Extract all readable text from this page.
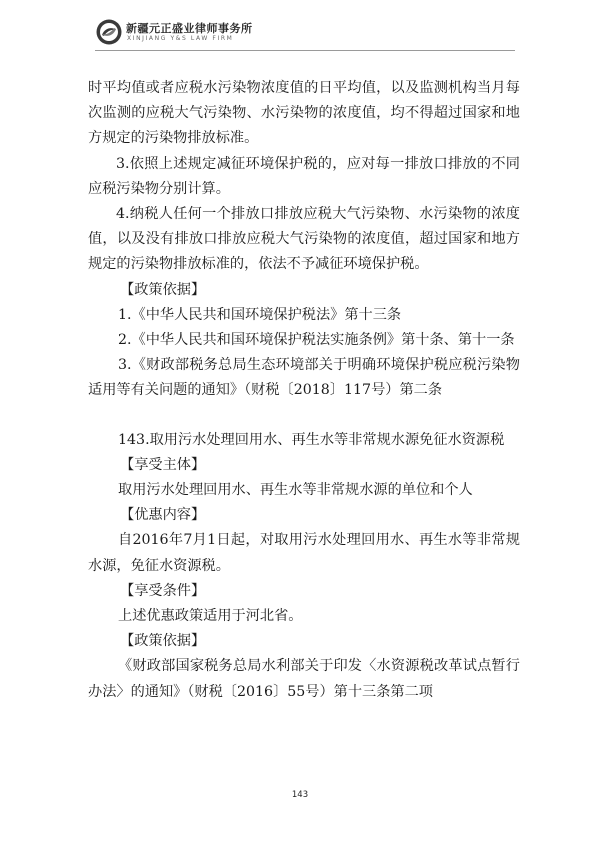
新疆元正盛业律师事务所
XINJIANG Y&S LAW FIRM

时平均值或者应税水污染物浓度值的日平均值，以及监测机构当月每次监测的应税大气污染物、水污染物的浓度值，均不得超过国家和地方规定的污染物排放标准。

3.依照上述规定减征环境保护税的，应对每一排放口排放的不同应税污染物分别计算。

4.纳税人任何一个排放口排放应税大气污染物、水污染物的浓度值，以及没有排放口排放应税大气污染物的浓度值，超过国家和地方规定的污染物排放标准的，依法不予减征环境保护税。

【政策依据】

1.《中华人民共和国环境保护税法》第十三条

2.《中华人民共和国环境保护税法实施条例》第十条、第十一条

3.《财政部税务总局生态环境部关于明确环境保护税应税污染物适用等有关问题的通知》（财税〔2018〕117号）第二条

143.取用污水处理回用水、再生水等非常规水源免征水资源税

【享受主体】

取用污水处理回用水、再生水等非常规水源的单位和个人

【优惠内容】

自2016年7月1日起，对取用污水处理回用水、再生水等非常规水源，免征水资源税。

【享受条件】

上述优惠政策适用于河北省。

【政策依据】

《财政部国家税务总局水利部关于印发〈水资源税改革试点暂行办法〉的通知》（财税〔2016〕55号）第十三条第二项

143
